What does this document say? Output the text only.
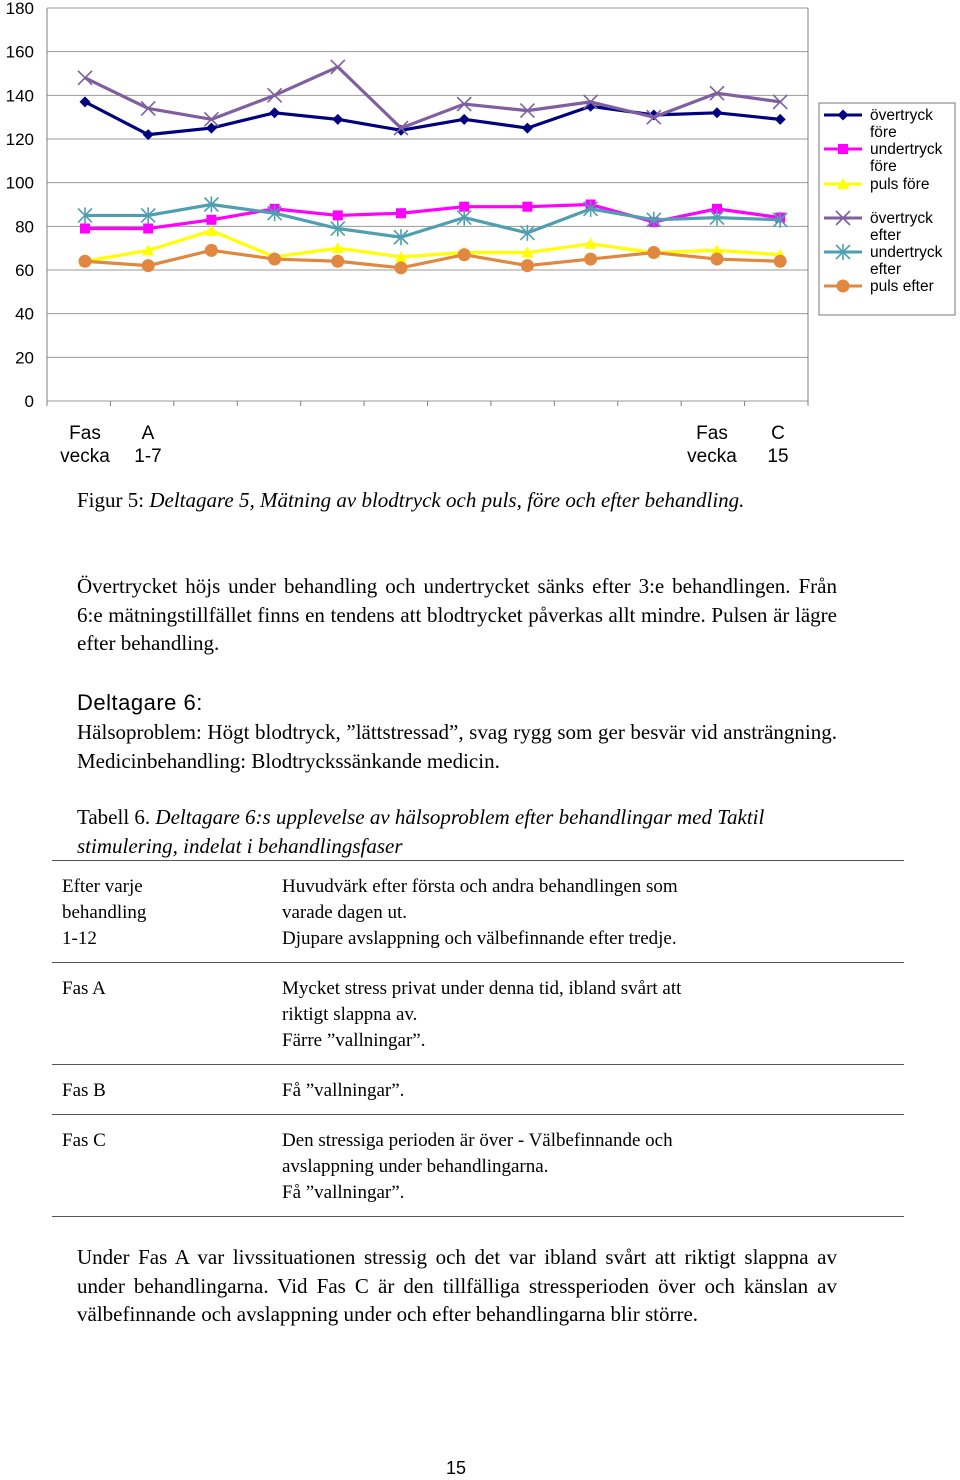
0
20
40
60
80
100
120
140
160
180
Fas A
vecka 1-7
Fas C
vecka 15
övertryck före
undertryck före
puls före
övertryck efter
undertryck efter
puls efter
Figur 5: Deltagare 5, Mätning av blodtryck och puls, före och efter behandling.
Övertrycket höjs under behandling och undertrycket sänks efter 3:e behandlingen. Från 6:e mätningstillfället finns en tendens att blodtrycket påverkas allt mindre. Pulsen är lägre efter behandling.
Deltagare 6:
Hälsoproblem: Högt blodtryck, ”lättstressad”, svag rygg som ger besvär vid ansträngning. Medicinbehandling: Blodtryckssänkande medicin.
Tabell 6. Deltagare 6:s upplevelse av hälsoproblem efter behandlingar med Taktil stimulering, indelat i behandlingsfaser
Efter varje
behandling
1-12	Huvudvärk efter första och andra behandlingen som
varade dagen ut.
Djupare avslappning och välbefinnande efter tredje.

Fas A	Mycket stress privat under denna tid, ibland svårt att
riktigt slappna av.
Färre ”vallningar”.

Fas B	Få ”vallningar”.

Fas C	Den stressiga perioden är över - Välbefinnande och
avslappning under behandlingarna.
Få ”vallningar”.
Under Fas A var livssituationen stressig och det var ibland svårt att riktigt slappna av under behandlingarna. Vid Fas C är den tillfälliga stressperioden över och känslan av välbefinnande och avslappning under och efter behandlingarna blir större.
15
